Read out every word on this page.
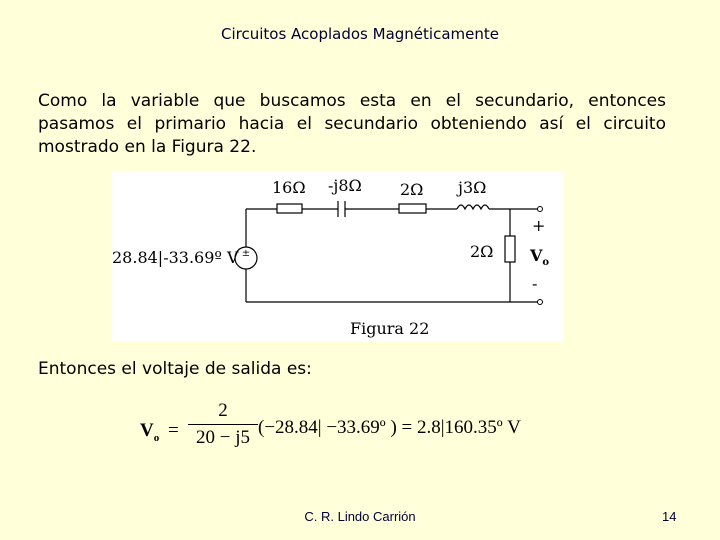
Circuitos Acoplados Magnéticamente
Como la variable que buscamos esta en el secundario, entonces pasamos el primario hacia el secundario obteniendo así el circuito mostrado en la Figura 22.
±
16Ω -j8Ω 2Ω j3Ω
2Ω
28.84|-33.69º V
+
$V_o$
-
Figura 22
Entonces el voltaje de salida es:
$V_o$ =
2
20 − j5 (−28.84| −33.69º ) = 2.8|160.35º V
C. R. Lindo Carrión	14
